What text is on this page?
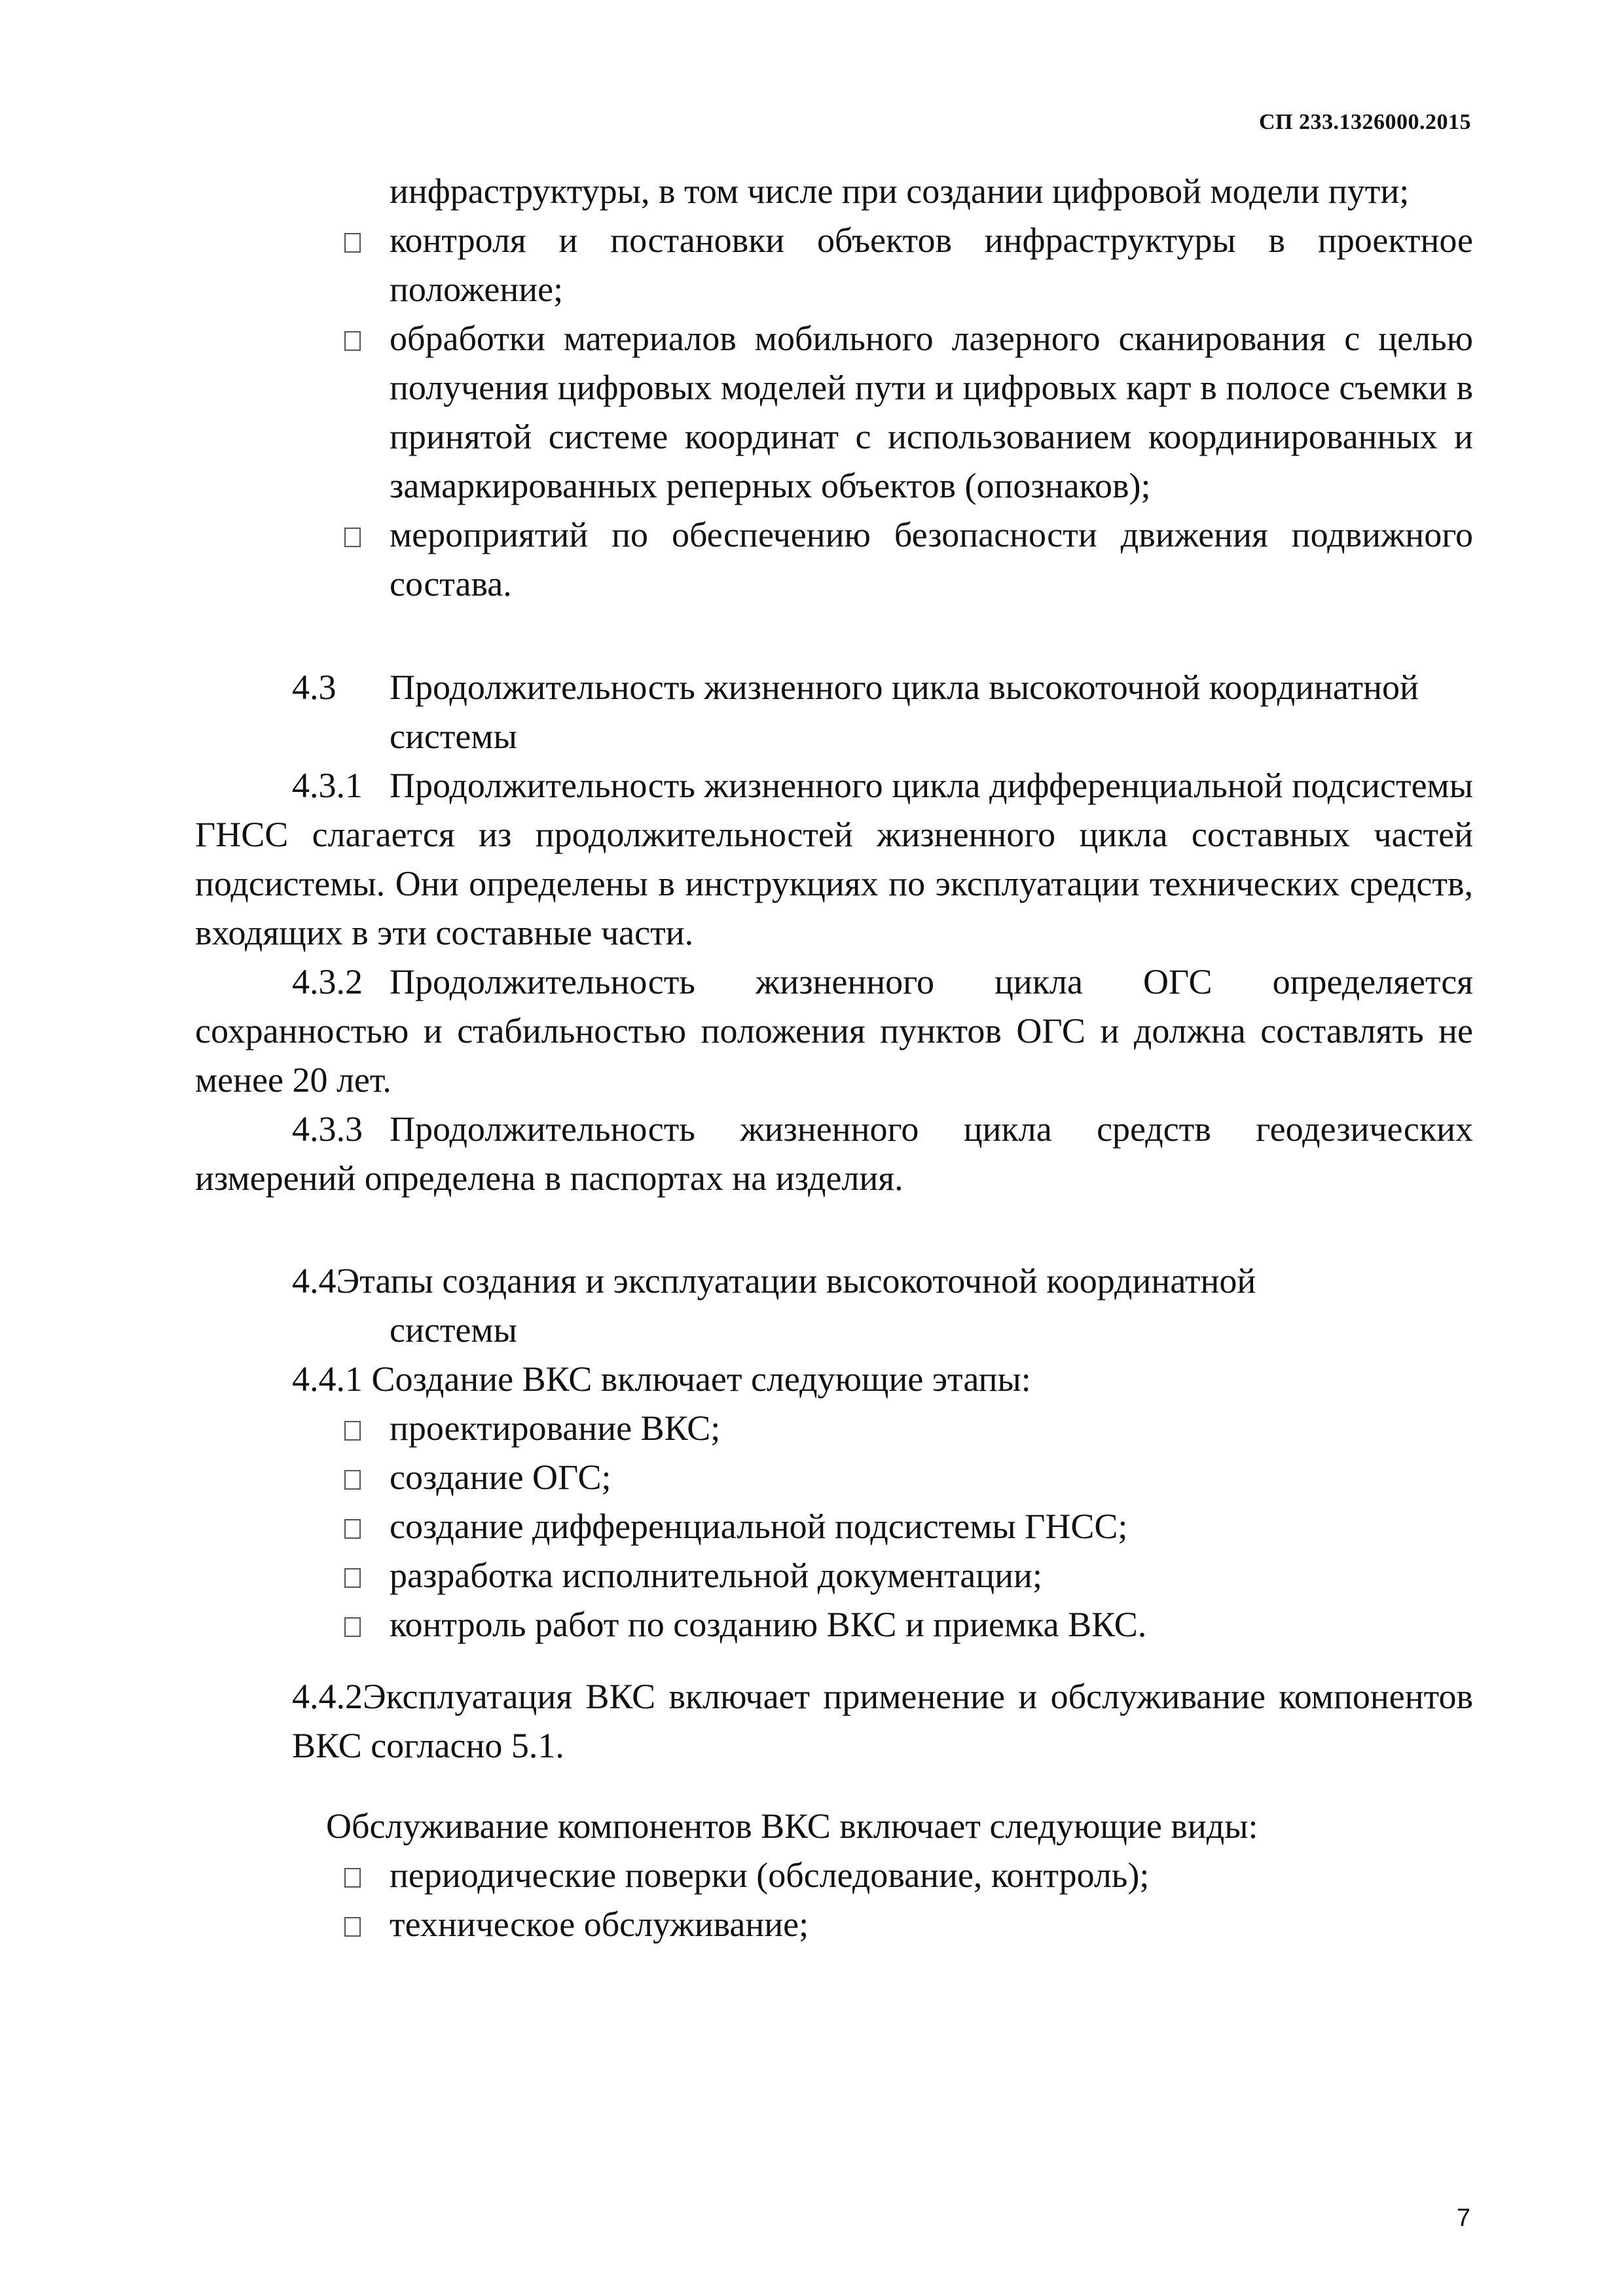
СП 233.1326000.2015

инфраструктуры, в том числе при создании цифровой модели пути;

контроля и постановки объектов инфраструктуры в проектное положение;

обработки материалов мобильного лазерного сканирования с целью получения цифровых моделей пути и цифровых карт в полосе съемки в принятой системе координат с использованием координированных и замаркированных реперных объектов (опознаков);

мероприятий по обеспечению безопасности движения подвижного состава.

4.3 Продолжительность жизненного цикла высокоточной координатной системы

4.3.1 Продолжительность жизненного цикла дифференциальной подсистемы ГНСС слагается из продолжительностей жизненного цикла составных частей подсистемы. Они определены в инструкциях по эксплуатации технических средств, входящих в эти составные части.

4.3.2 Продолжительность жизненного цикла ОГС определяется сохранностью и стабильностью положения пунктов ОГС и должна составлять не менее 20 лет.

4.3.3 Продолжительность жизненного цикла средств геодезических измерений определена в паспортах на изделия.

4.4Этапы создания и эксплуатации высокоточной координатной

системы

4.4.1 Создание ВКС включает следующие этапы:

проектирование ВКС;

создание ОГС;

создание дифференциальной подсистемы ГНСС;

разработка исполнительной документации;

контроль работ по созданию ВКС и приемка ВКС.

4.4.2Эксплуатация ВКС включает применение и обслуживание компонентов ВКС согласно 5.1.

Обслуживание компонентов ВКС включает следующие виды:

периодические поверки (обследование, контроль);

техническое обслуживание;

7
